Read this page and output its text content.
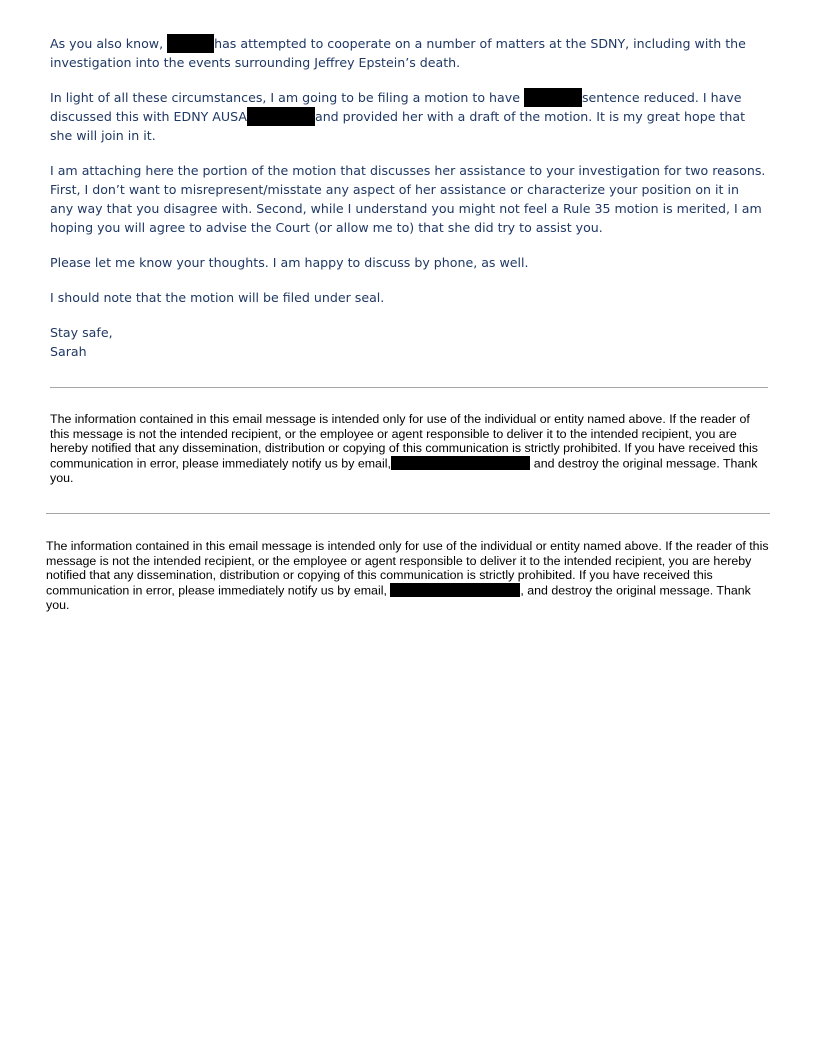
As you also know,	has attempted to cooperate on a number of matters at the SDNY, including with the investigation into the events surrounding Jeffrey Epstein’s death.

In light of all these circumstances, I am going to be filing a motion to have	sentence reduced. I have discussed this with EDNY AUSA	and provided her with a draft of the motion. It is my great hope that she will join in it.

I am attaching here the portion of the motion that discusses her assistance to your investigation for two reasons. First, I don’t want to misrepresent/misstate any aspect of her assistance or characterize your position on it in any way that you disagree with. Second, while I understand you might not feel a Rule 35 motion is merited, I am hoping you will agree to advise the Court (or allow me to) that she did try to assist you.

Please let me know your thoughts. I am happy to discuss by phone, as well.

I should note that the motion will be filed under seal.

Stay safe,

Sarah

The information contained in this email message is intended only for use of the individual or entity named above. If the reader of this message is not the intended recipient, or the employee or agent responsible to deliver it to the intended recipient, you are hereby notified that any dissemination, distribution or copying of this communication is strictly prohibited. If you have received this communication in error, please immediately notify us by email,	and destroy the original message. Thank you.

The information contained in this email message is intended only for use of the individual or entity named above. If the reader of this message is not the intended recipient, or the employee or agent responsible to deliver it to the intended recipient, you are hereby notified that any dissemination, distribution or copying of this communication is strictly prohibited. If you have received this communication in error, please immediately notify us by email,	, and destroy the original message. Thank you.
